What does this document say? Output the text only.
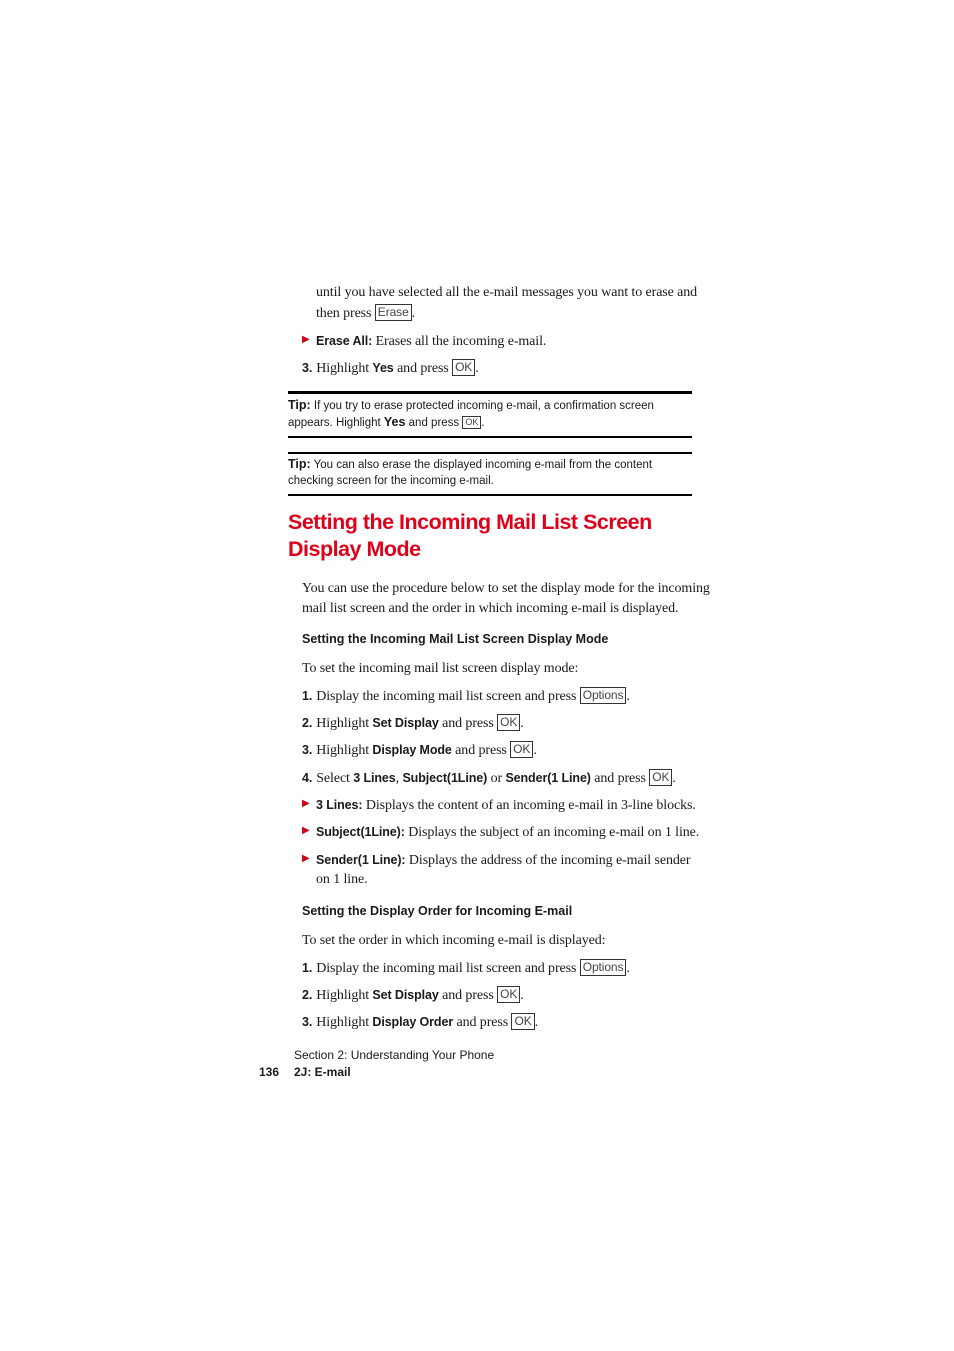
until you have selected all the e-mail messages you want to erase and
then press Erase .
▶ Erase All: Erases all the incoming e-mail.
3. Highlight Yes and press OK .
Tip: If you try to erase protected incoming e-mail, a confirmation screen
appears. Highlight Yes and press OK .
Tip: You can also erase the displayed incoming e-mail from the content
checking screen for the incoming e-mail.
Setting the Incoming Mail List Screen
Display Mode
You can use the procedure below to set the display mode for the incoming
mail list screen and the order in which incoming e-mail is displayed.
Setting the Incoming Mail List Screen Display Mode
To set the incoming mail list screen display mode:
1. Display the incoming mail list screen and press Options .
2. Highlight Set Display and press OK .
3. Highlight Display Mode and press OK .
4. Select 3 Lines, Subject(1Line) or Sender(1 Line) and press OK .
▶ 3 Lines: Displays the content of an incoming e-mail in 3-line blocks.
▶ Subject(1Line): Displays the subject of an incoming e-mail on 1 line.
▶ Sender(1 Line): Displays the address of the incoming e-mail sender
on 1 line.
Setting the Display Order for Incoming E-mail
To set the order in which incoming e-mail is displayed:
1. Display the incoming mail list screen and press Options .
2. Highlight Set Display and press OK .
3. Highlight Display Order and press OK .
Section 2: Understanding Your Phone
136 2J: E-mail
